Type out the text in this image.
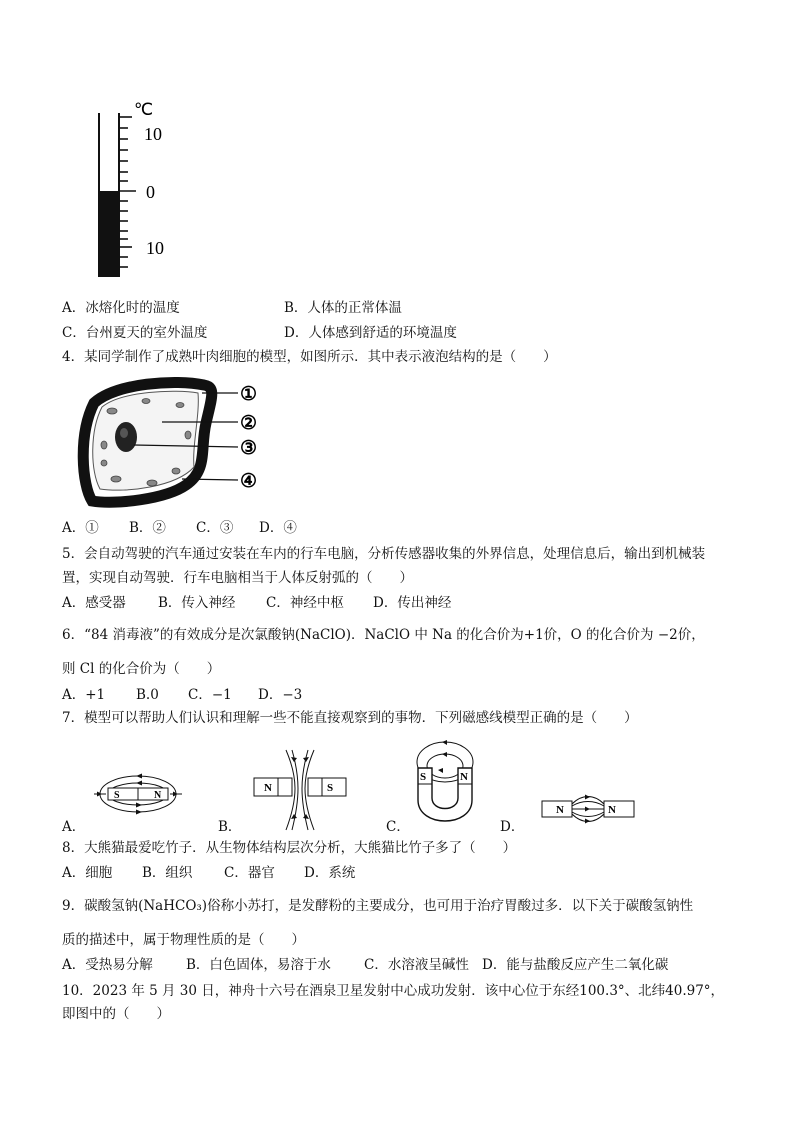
℃
10
0
10
A．冰熔化时的温度	B．人体的正常体温
C．台州夏天的室外温度	D．人体感到舒适的环境温度
4．某同学制作了成熟叶肉细胞的模型，如图所示．其中表示液泡结构的是（　　）
①
②
③
④
A．① B．② C．③ D．④
5．会自动驾驶的汽车通过安装在车内的行车电脑，分析传感器收集的外界信息，处理信息后，输出到机械装
置，实现自动驾驶．行车电脑相当于人体反射弧的（　　）
A．感受器 B．传入神经 C．神经中枢 D．传出神经
6．“84 消毒液”的有效成分是次氯酸钠(NaClO)．NaClO 中 Na 的化合价为+1价，O 的化合价为 −2价，
则 Cl 的化合价为（　　）
A．+1 B.0 C．−1 D．−3
7．模型可以帮助人们认识和理解一些不能直接观察到的事物．下列磁感线模型正确的是（　　）
S	N
A．
N	S
B．
S	N
C．
N	N
D．
8．大熊猫最爱吃竹子．从生物体结构层次分析，大熊猫比竹子多了（　　）
A．细胞 B．组织 C．器官 D．系统
9．碳酸氢钠(NaHCO₃)俗称小苏打，是发酵粉的主要成分，也可用于治疗胃酸过多．以下关于碳酸氢钠性
质的描述中，属于物理性质的是（　　）
A．受热易分解 B．白色固体，易溶于水 C．水溶液呈碱性 D．能与盐酸反应产生二氧化碳
10．2023 年 5 月 30 日，神舟十六号在酒泉卫星发射中心成功发射．该中心位于东经100.3°、北纬40.97°，
即图中的（　　）
